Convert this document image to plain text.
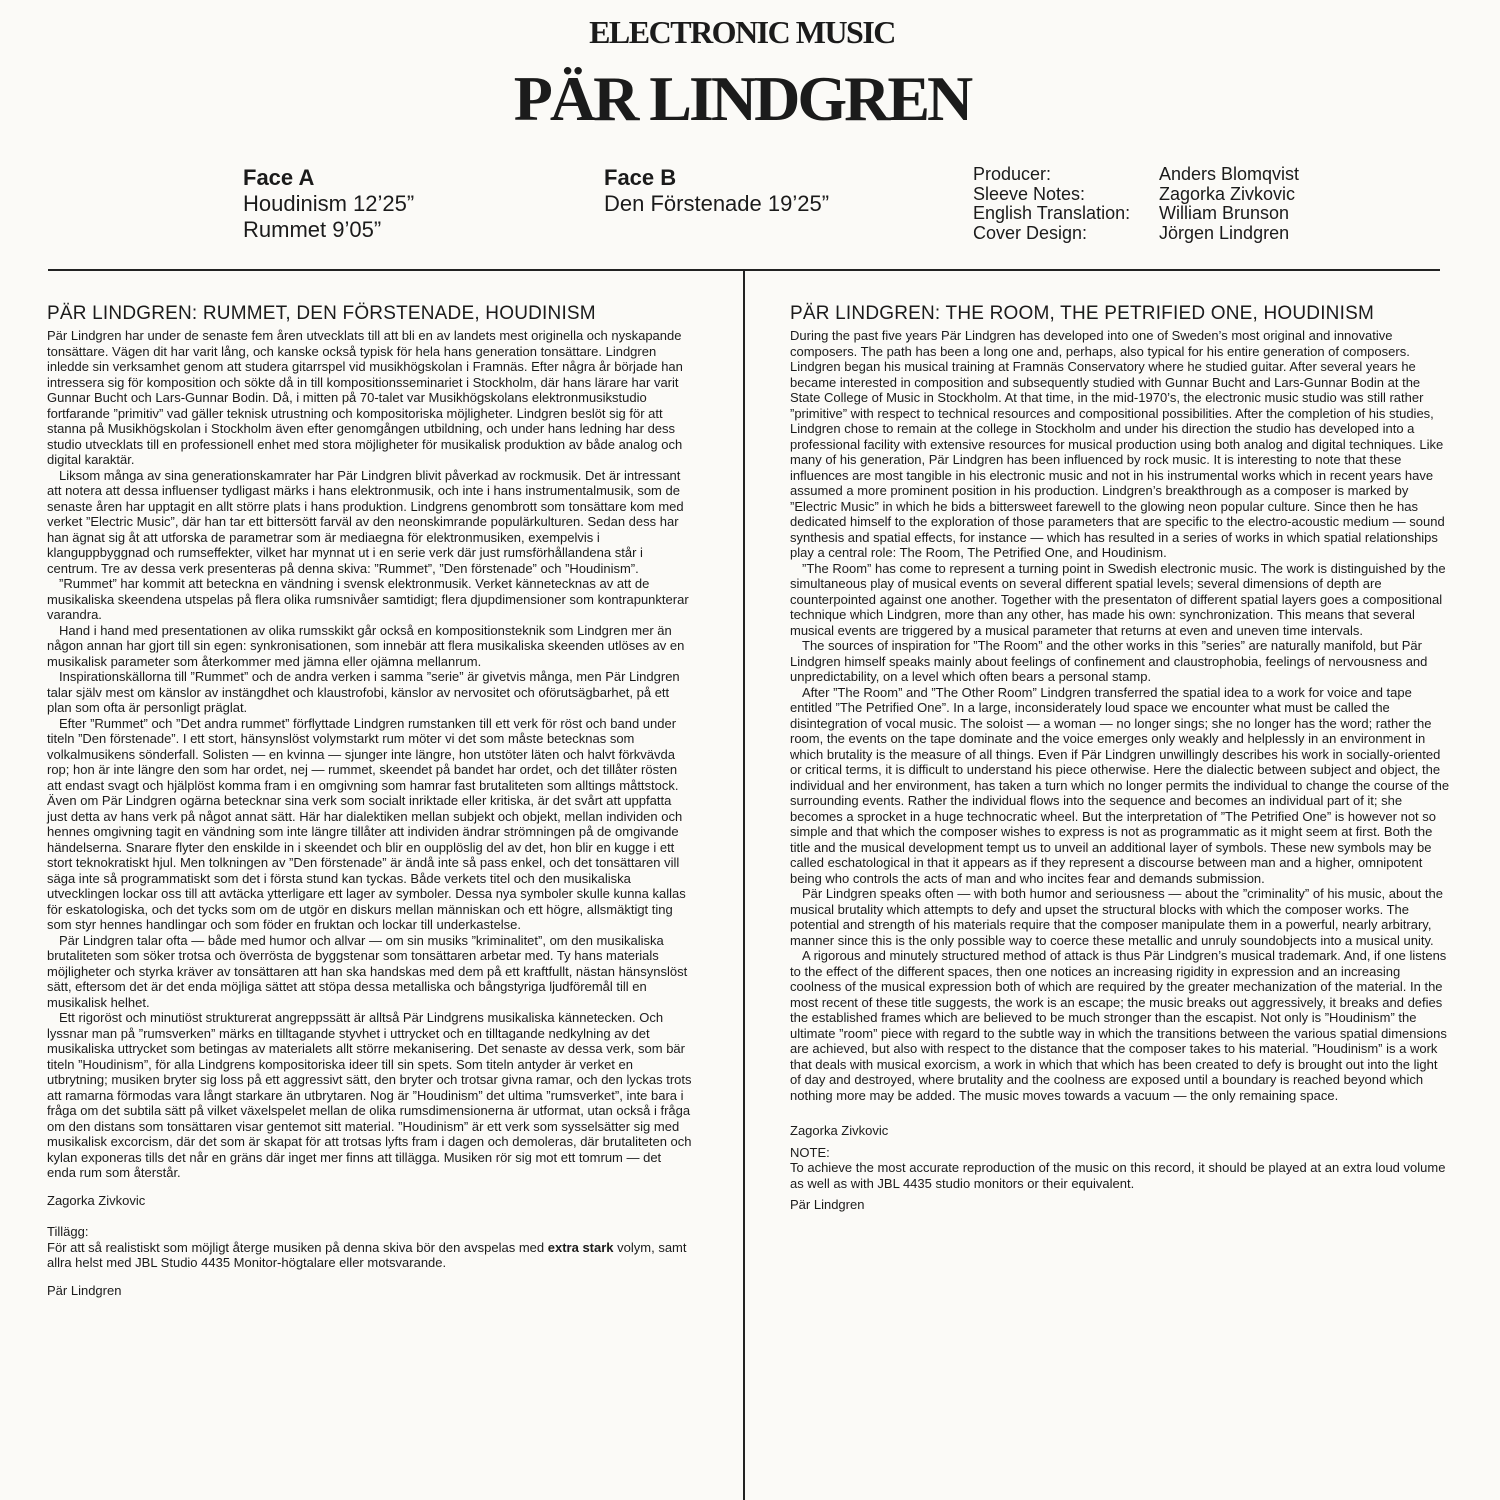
ELECTRONIC MUSIC
PÄR LINDGREN
Face A
Houdinism 12’25”
Rummet 9’05”
Face B
Den Förstenade 19’25”
Producer:	Anders Blomqvist
Sleeve Notes:	Zagorka Zivkovic
English Translation:	William Brunson
Cover Design:	Jörgen Lindgren
PÄR LINDGREN: RUMMET, DEN FÖRSTENADE, HOUDINISM

Pär Lindgren har under de senaste fem åren utvecklats till att bli en av landets mest originella och nyskapande tonsättare. Vägen dit har varit lång, och kanske också typisk för hela hans generation tonsättare. Lindgren inledde sin verksamhet genom att studera gitarrspel vid musikhögskolan i Framnäs. Efter några år började han intressera sig för komposition och sökte då in till kompositionsseminariet i Stockholm, där hans lärare har varit Gunnar Bucht och Lars-Gunnar Bodin. Då, i mitten på 70-talet var Musikhögskolans elektronmusikstudio fortfarande ”primitiv” vad gäller teknisk utrustning och kompositoriska möjligheter. Lindgren beslöt sig för att stanna på Musikhögskolan i Stockholm även efter genomgången utbildning, och under hans ledning har dess studio utvecklats till en professionell enhet med stora möjligheter för musikalisk produktion av både analog och digital karaktär.

Liksom många av sina generationskamrater har Pär Lindgren blivit påverkad av rockmusik. Det är intressant att notera att dessa influenser tydligast märks i hans elektronmusik, och inte i hans instrumentalmusik, som de senaste åren har upptagit en allt större plats i hans produktion. Lindgrens genombrott som tonsättare kom med verket ”Electric Music”, där han tar ett bittersött farväl av den neonskimrande populärkulturen. Sedan dess har han ägnat sig åt att utforska de parametrar som är mediaegna för elektronmusiken, exempelvis i klanguppbyggnad och rumseffekter, vilket har mynnat ut i en serie verk där just rumsförhållandena står i centrum. Tre av dessa verk presenteras på denna skiva: ”Rummet”, ”Den förstenade” och ”Houdinism”.

”Rummet” har kommit att beteckna en vändning i svensk elektronmusik. Verket kännetecknas av att de musikaliska skeendena utspelas på flera olika rumsnivåer samtidigt; flera djupdimensioner som kontrapunkterar varandra.

Hand i hand med presentationen av olika rumsskikt går också en kompositionsteknik som Lindgren mer än någon annan har gjort till sin egen: synkronisationen, som innebär att flera musikaliska skeenden utlöses av en musikalisk parameter som återkommer med jämna eller ojämna mellanrum.

Inspirationskällorna till ”Rummet” och de andra verken i samma ”serie” är givetvis många, men Pär Lindgren talar själv mest om känslor av instängdhet och klaustrofobi, känslor av nervositet och oförutsägbarhet, på ett plan som ofta är personligt präglat.

Efter ”Rummet” och ”Det andra rummet” förflyttade Lindgren rumstanken till ett verk för röst och band under titeln ”Den förstenade”. I ett stort, hänsynslöst volymstarkt rum möter vi det som måste betecknas som volkalmusikens sönderfall. Solisten — en kvinna — sjunger inte längre, hon utstöter läten och halvt förkvävda rop; hon är inte längre den som har ordet, nej — rummet, skeendet på bandet har ordet, och det tillåter rösten att endast svagt och hjälplöst komma fram i en omgivning som hamrar fast brutaliteten som alltings måttstock. Även om Pär Lindgren ogärna betecknar sina verk som socialt inriktade eller kritiska, är det svårt att uppfatta just detta av hans verk på något annat sätt. Här har dialektiken mellan subjekt och objekt, mellan individen och hennes omgivning tagit en vändning som inte längre tillåter att individen ändrar strömningen på de omgivande händelserna. Snarare flyter den enskilde in i skeendet och blir en oupplöslig del av det, hon blir en kugge i ett stort teknokratiskt hjul. Men tolkningen av ”Den förstenade” är ändå inte så pass enkel, och det tonsättaren vill säga inte så programmatiskt som det i första stund kan tyckas. Både verkets titel och den musikaliska utvecklingen lockar oss till att avtäcka ytterligare ett lager av symboler. Dessa nya symboler skulle kunna kallas för eskatologiska, och det tycks som om de utgör en diskurs mellan människan och ett högre, allsmäktigt ting som styr hennes handlingar och som föder en fruktan och lockar till underkastelse.

Pär Lindgren talar ofta — både med humor och allvar — om sin musiks ”kriminalitet”, om den musikaliska brutaliteten som söker trotsa och överrösta de byggstenar som tonsättaren arbetar med. Ty hans materials möjligheter och styrka kräver av tonsättaren att han ska handskas med dem på ett kraftfullt, nästan hänsynslöst sätt, eftersom det är det enda möjliga sättet att stöpa dessa metalliska och bångstyriga ljudföremål till en musikalisk helhet.

Ett rigoröst och minutiöst strukturerat angreppssätt är alltså Pär Lindgrens musikaliska kännetecken. Och lyssnar man på ”rumsverken” märks en tilltagande styvhet i uttrycket och en tilltagande nedkylning av det musikaliska uttrycket som betingas av materialets allt större mekanisering. Det senaste av dessa verk, som bär titeln ”Houdinism”, för alla Lindgrens kompositoriska ideer till sin spets. Som titeln antyder är verket en utbrytning; musiken bryter sig loss på ett aggressivt sätt, den bryter och trotsar givna ramar, och den lyckas trots att ramarna förmodas vara långt starkare än utbrytaren. Nog är ”Houdinism” det ultima ”rumsverket”, inte bara i fråga om det subtila sätt på vilket växelspelet mellan de olika rumsdimensionerna är utformat, utan också i fråga om den distans som tonsättaren visar gentemot sitt material. ”Houdinism” är ett verk som sysselsätter sig med musikalisk excorcism, där det som är skapat för att trotsas lyfts fram i dagen och demoleras, där brutaliteten och kylan exponeras tills det når en gräns där inget mer finns att tillägga. Musiken rör sig mot ett tomrum — det enda rum som återstår.

Zagorka Zivkovic
Tillägg:
För att så realistiskt som möjligt återge musiken på denna skiva bör den avspelas med extra stark volym, samt allra helst med JBL Studio 4435 Monitor-högtalare eller motsvarande.
Pär Lindgren
PÄR LINDGREN: THE ROOM, THE PETRIFIED ONE, HOUDINISM

During the past five years Pär Lindgren has developed into one of Sweden’s most original and innovative composers. The path has been a long one and, perhaps, also typical for his entire generation of composers. Lindgren began his musical training at Framnäs Conservatory where he studied guitar. After several years he became interested in composition and subsequently studied with Gunnar Bucht and Lars-Gunnar Bodin at the State College of Music in Stockholm. At that time, in the mid-1970’s, the electronic music studio was still rather ”primitive” with respect to technical resources and compositional possibilities. After the completion of his studies, Lindgren chose to remain at the college in Stockholm and under his direction the studio has developed into a professional facility with extensive resources for musical production using both analog and digital techniques. Like many of his generation, Pär Lindgren has been influenced by rock music. It is interesting to note that these influences are most tangible in his electronic music and not in his instrumental works which in recent years have assumed a more prominent position in his production. Lindgren’s breakthrough as a composer is marked by ”Electric Music” in which he bids a bittersweet farewell to the glowing neon popular culture. Since then he has dedicated himself to the exploration of those parameters that are specific to the electro-acoustic medium — sound synthesis and spatial effects, for instance — which has resulted in a series of works in which spatial relationships play a central role: The Room, The Petrified One, and Houdinism.

”The Room” has come to represent a turning point in Swedish electronic music. The work is distinguished by the simultaneous play of musical events on several different spatial levels; several dimensions of depth are counterpointed against one another. Together with the presentaton of different spatial layers goes a compositional technique which Lindgren, more than any other, has made his own: synchronization. This means that several musical events are triggered by a musical parameter that returns at even and uneven time intervals.

The sources of inspiration for ”The Room” and the other works in this ”series” are naturally manifold, but Pär Lindgren himself speaks mainly about feelings of confinement and claustrophobia, feelings of nervousness and unpredictability, on a level which often bears a personal stamp.

After ”The Room” and ”The Other Room” Lindgren transferred the spatial idea to a work for voice and tape entitled ”The Petrified One”. In a large, inconsiderately loud space we encounter what must be called the disintegration of vocal music. The soloist — a woman — no longer sings; she no longer has the word; rather the room, the events on the tape dominate and the voice emerges only weakly and helplessly in an environment in which brutality is the measure of all things. Even if Pär Lindgren unwillingly describes his work in socially-oriented or critical terms, it is difficult to understand his piece otherwise. Here the dialectic between subject and object, the individual and her environment, has taken a turn which no longer permits the individual to change the course of the surrounding events. Rather the individual flows into the sequence and becomes an individual part of it; she becomes a sprocket in a huge technocratic wheel. But the interpretation of ”The Petrified One” is however not so simple and that which the composer wishes to express is not as programmatic as it might seem at first. Both the title and the musical development tempt us to unveil an additional layer of symbols. These new symbols may be called eschatological in that it appears as if they represent a discourse between man and a higher, omnipotent being who controls the acts of man and who incites fear and demands submission.

Pär Lindgren speaks often — with both humor and seriousness — about the ”criminality” of his music, about the musical brutality which attempts to defy and upset the structural blocks with which the composer works. The potential and strength of his materials require that the composer manipulate them in a powerful, nearly arbitrary, manner since this is the only possible way to coerce these metallic and unruly soundobjects into a musical unity.

A rigorous and minutely structured method of attack is thus Pär Lindgren’s musical trademark. And, if one listens to the effect of the different spaces, then one notices an increasing rigidity in expression and an increasing coolness of the musical expression both of which are required by the greater mechanization of the material. In the most recent of these title suggests, the work is an escape; the music breaks out aggressively, it breaks and defies the established frames which are believed to be much stronger than the escapist. Not only is ”Houdinism” the ultimate ”room” piece with regard to the subtle way in which the transitions between the various spatial dimensions are achieved, but also with respect to the distance that the composer takes to his material. ”Houdinism” is a work that deals with musical exorcism, a work in which that which has been created to defy is brought out into the light of day and destroyed, where brutality and the coolness are exposed until a boundary is reached beyond which nothing more may be added. The music moves towards a vacuum — the only remaining space.

Zagorka Zivkovic
NOTE:
To achieve the most accurate reproduction of the music on this record, it should be played at an extra loud volume as well as with JBL 4435 studio monitors or their equivalent.
Pär Lindgren
